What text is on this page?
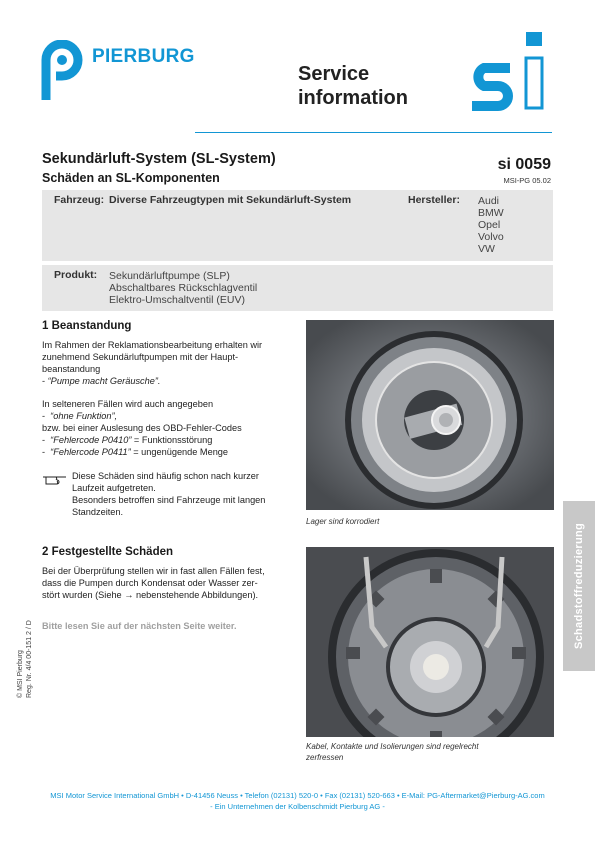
PIERBURG
Service
information
Sekundärluft-System (SL-System)
Schäden an SL-Komponenten
si 0059
MSI-PG 05.02
Fahrzeug: Diverse Fahrzeugtypen mit Sekundärluft-System	Hersteller: Audi
BMW
Opel
Volvo
VW
Produkt: Sekundärluftpumpe (SLP)
Abschaltbares Rückschlagventil
Elektro-Umschaltventil (EUV)
1 Beanstandung
Im Rahmen der Reklamationsbearbeitung erhalten wir
zunehmend Sekundärluftpumpen mit der Haupt-
beanstandung
- “Pumpe macht Geräusche”.
In selteneren Fällen wird auch angegeben
-  “ohne Funktion”,
bzw. bei einer Auslesung des OBD-Fehler-Codes
-  “Fehlercode P0410” = Funktionsstörung
-  “Fehlercode P0411” = ungenügende Menge
Diese Schäden sind häufig schon nach kurzer
Laufzeit aufgetreten.
Besonders betroffen sind Fahrzeuge mit langen
Standzeiten.
2 Festgestellte Schäden
Bei der Überprüfung stellen wir in fast allen Fällen fest,
dass die Pumpen durch Kondensat oder Wasser zer-
stört wurden (Siehe → nebenstehende Abbildungen).
Bitte lesen Sie auf der nächsten Seite weiter.
Lager sind korrodiert
Kabel, Kontakte und Isolierungen sind regelrecht
zerfressen
Schadstoffreduzierung
© MSI Pierburg Reg. Nr. 4/4 00-151 2 / D
MSI Motor Service International GmbH • D-41456 Neuss • Telefon (02131) 520-0 • Fax (02131) 520-663 • E-Mail: PG-Aftermarket@Pierburg-AG.com
- Ein Unternehmen der Kolbenschmidt Pierburg AG -
